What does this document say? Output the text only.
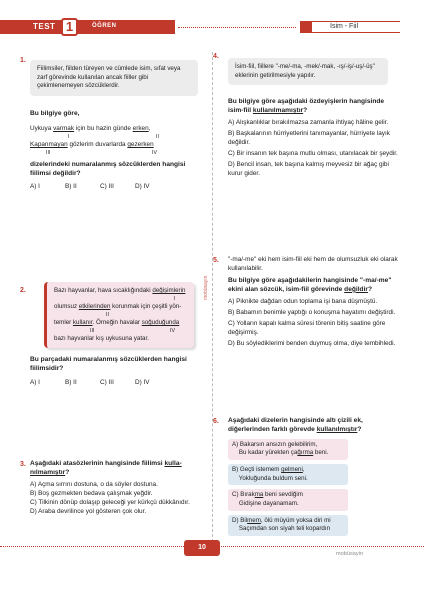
TEST 1	ÖĞREN	İsim - Fiil
mobüsayın
1.
Fiilimsiler, fiilden türeyen ve cümlede isim, sıfat veya zarf görevinde kullanılan ancak fiiller gibi çekimlenemeyen sözcüklerdir.
Bu bilgiye göre,
Uykuya varmak için bu hazin günde erken,
I	II
Kapanmayan gözlerim duvarlarda gezerken
III	IV
dizelerindeki numaralanmış sözcüklerden hangisi fiilimsi değildir?
A) I	B) II	C) III	D) IV
2.	Bazı hayvanlar, hava sıcaklığındaki değişimlerin
I
olumsuz etkilerinden korunmak için çeşitli yön-
II
temler kullanır. Örneğin havalar soğuduğunda
III	IV
bazı hayvanlar kış uykusuna yatar.
Bu parçadaki numaralanmış sözcüklerden hangisi fiilimsidir?
A) I	B) II	C) III	D) IV
3. Aşağıdaki atasözlerinin hangisinde fiilimsi kulla-nılmamıştır?
A) Açma sırrını dostuna, o da söyler dostuna.
B) Boş gezmekten bedava çalışmak yeğdir.
C) Tilkinin dönüp dolaşıp geleceği yer kürkçü dükkânıdır.
D) Araba devrilince yol gösteren çok olur.
4.
İsim-fiil, fiillere "-me/-ma, -mek/-mak, -ış/-iş/-uş/-üş" eklerinin getirilmesiyle yapılır.
Bu bilgiye göre aşağıdaki özdeyişlerin hangisinde isim-fiil kullanılmamıştır?
A) Alışkanlıklar bırakılmazsa zamanla ihtiyaç hâline gelir.
B) Başkalarının hürriyetlerini tanımayanlar, hürriyete layık değildir.
C) Bir insanın tek başına mutlu olması, utanılacak bir şeydir.
D) Bencil insan, tek başına kalmış meyvesiz bir ağaç gibi kurur gider.
5. "-ma/-me" eki hem isim-fiil eki hem de olumsuzluk eki olarak kullanılabilir.
Bu bilgiye göre aşağıdakilerin hangisinde "-ma/-me" ekini alan sözcük, isim-fiil görevinde değildir?
A) Piknikte dağdan odun toplama işi bana düşmüştü.
B) Babamın benimle yaptığı o konuşma hayatımı değiştirdi.
C) Yolların kapalı kalma süresi törenin bitiş saatine göre değişirmiş.
D) Bu söylediklerimi benden duymuş olma, diye tembihledi.
6. Aşağıdaki dizelerin hangisinde altı çizili ek, diğerlerinden farklı görevde kullanılmıştır?
A) Bakarsın ansızın gelebilirim,
Bu kadar yürekten çağırma beni.
B) Geçti istemem gelmeni,
Yokluğunda buldum seni.
C) Bırakma beni sevdiğim
Gidişine dayanamam.
D) Bilmem, ölü müyüm yoksa diri mi
Saçımdan son siyah teli kopardın
10
mobüsayin
